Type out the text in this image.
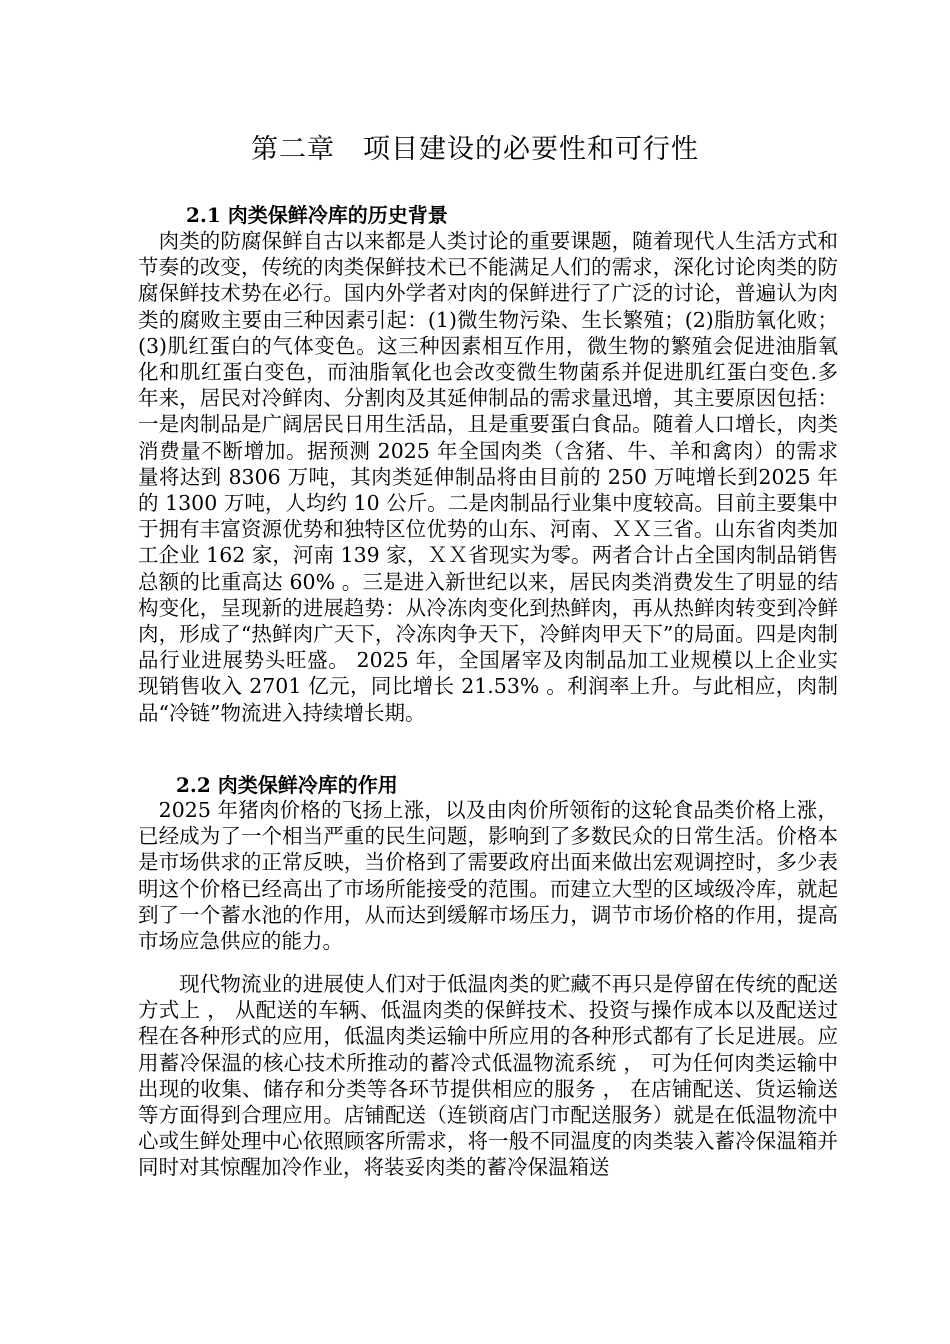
第二章　项目建设的必要性和可行性
2.1 肉类保鲜冷库的历史背景

　肉类的防腐保鲜自古以来都是人类讨论的重要课题，随着现代人生活方式和节奏的改变，传统的肉类保鲜技术已不能满足人们的需求，深化讨论肉类的防腐保鲜技术势在必行。国内外学者对肉的保鲜进行了广泛的讨论，普遍认为肉类的腐败主要由三种因素引起：(1)微生物污染、生长繁殖；(2)脂肪氧化败；(3)肌红蛋白的气体变色。这三种因素相互作用，微生物的繁殖会促进油脂氧化和肌红蛋白变色，而油脂氧化也会改变微生物菌系并促进肌红蛋白变色.多年来，居民对冷鲜肉、分割肉及其延伸制品的需求量迅增，其主要原因包括：一是肉制品是广阔居民日用生活品，且是重要蛋白食品。随着人口增长，肉类消费量不断增加。据预测 2025 年全国肉类（含猪、牛、羊和禽肉）的需求量将达到 8306 万吨，其肉类延伸制品将由目前的 250 万吨增长到2025 年的 1300 万吨，人均约 10 公斤。二是肉制品行业集中度较高。目前主要集中于拥有丰富资源优势和独特区位优势的山东、河南、ＸＸ三省。山东省肉类加工企业 162 家，河南 139 家，ＸＸ省现实为零。两者合计占全国肉制品销售总额的比重高达 60% 。三是进入新世纪以来，居民肉类消费发生了明显的结构变化，呈现新的进展趋势：从冷冻肉变化到热鲜肉，再从热鲜肉转变到冷鲜肉，形成了“热鲜肉广天下，冷冻肉争天下，冷鲜肉甲天下”的局面。四是肉制品行业进展势头旺盛。 2025 年，全国屠宰及肉制品加工业规模以上企业实现销售收入 2701 亿元，同比增长 21.53% 。利润率上升。与此相应，肉制品“冷链”物流进入持续增长期。

2.2 肉类保鲜冷库的作用

　2025 年猪肉价格的飞扬上涨，以及由肉价所领衔的这轮食品类价格上涨，已经成为了一个相当严重的民生问题，影响到了多数民众的日常生活。价格本是市场供求的正常反映，当价格到了需要政府出面来做出宏观调控时，多少表明这个价格已经高出了市场所能接受的范围。而建立大型的区域级冷库，就起到了一个蓄水池的作用，从而达到缓解市场压力，调节市场价格的作用，提高市场应急供应的能力。

　　现代物流业的进展使人们对于低温肉类的贮藏不再只是停留在传统的配送方式上 ， 从配送的车辆、低温肉类的保鲜技术、投资与操作成本以及配送过程在各种形式的应用，低温肉类运输中所应用的各种形式都有了长足进展。应用蓄冷保温的核心技术所推动的蓄冷式低温物流系统 ， 可为任何肉类运输中出现的收集、储存和分类等各环节提供相应的服务 ， 在店铺配送、货运输送等方面得到合理应用。店铺配送（连锁商店门市配送服务）就是在低温物流中心或生鲜处理中心依照顾客所需求，将一般不同温度的肉类装入蓄冷保温箱并同时对其惊醒加冷作业，将装妥肉类的蓄冷保温箱送
